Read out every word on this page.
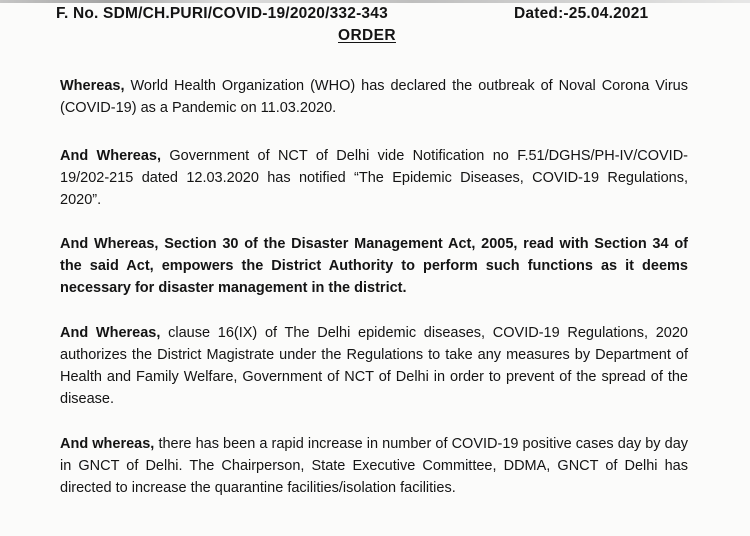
F. No. SDM/CH.PURI/COVID-19/2020/332-343	Dated:-25.04.2021
ORDER

Whereas, World Health Organization (WHO) has declared the outbreak of Noval Corona Virus (COVID-19) as a Pandemic on 11.03.2020.

And Whereas, Government of NCT of Delhi vide Notification no F.51/DGHS/PH-IV/COVID-19/202-215 dated 12.03.2020 has notified “The Epidemic Diseases, COVID-19 Regulations, 2020”.

And Whereas, Section 30 of the Disaster Management Act, 2005, read with Section 34 of the said Act, empowers the District Authority to perform such functions as it deems necessary for disaster management in the district.

And Whereas, clause 16(IX) of The Delhi epidemic diseases, COVID-19 Regulations, 2020 authorizes the District Magistrate under the Regulations to take any measures by Department of Health and Family Welfare, Government of NCT of Delhi in order to prevent of the spread of the disease.

And whereas, there has been a rapid increase in number of COVID-19 positive cases day by day in GNCT of Delhi. The Chairperson, State Executive Committee, DDMA, GNCT of Delhi has directed to increase the quarantine facilities/isolation facilities.
